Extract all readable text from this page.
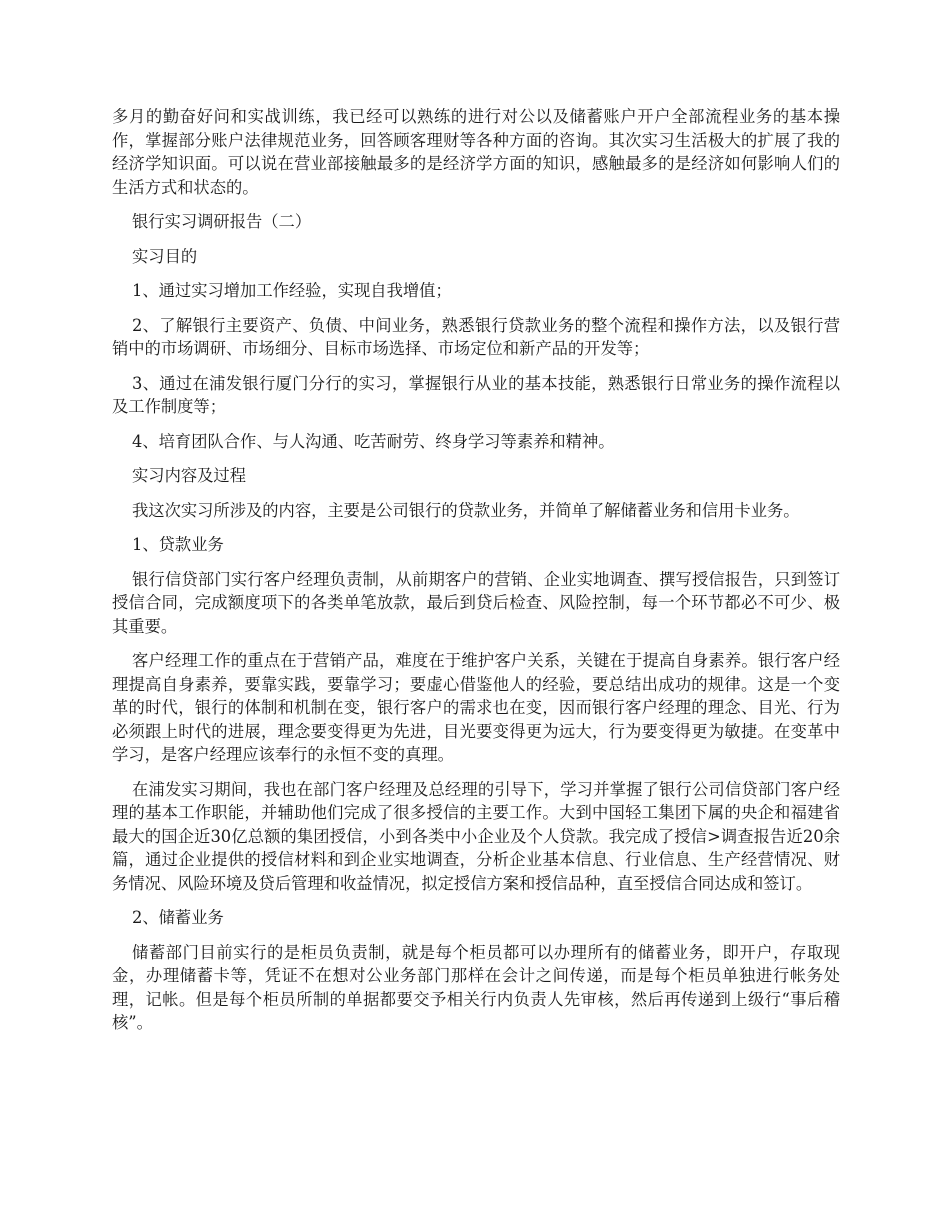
多月的勤奋好问和实战训练，我已经可以熟练的进行对公以及储蓄账户开户全部流程业务的基本操作，掌握部分账户法律规范业务，回答顾客理财等各种方面的咨询。其次实习生活极大的扩展了我的经济学知识面。可以说在营业部接触最多的是经济学方面的知识，感触最多的是经济如何影响人们的生活方式和状态的。

银行实习调研报告（二）

实习目的

1、通过实习增加工作经验，实现自我增值；

2、了解银行主要资产、负债、中间业务，熟悉银行贷款业务的整个流程和操作方法，以及银行营销中的市场调研、市场细分、目标市场选择、市场定位和新产品的开发等；

3、通过在浦发银行厦门分行的实习，掌握银行从业的基本技能，熟悉银行日常业务的操作流程以及工作制度等；

4、培育团队合作、与人沟通、吃苦耐劳、终身学习等素养和精神。

实习内容及过程

我这次实习所涉及的内容，主要是公司银行的贷款业务，并简单了解储蓄业务和信用卡业务。

1、贷款业务

银行信贷部门实行客户经理负责制，从前期客户的营销、企业实地调查、撰写授信报告，只到签订授信合同，完成额度项下的各类单笔放款，最后到贷后检查、风险控制，每一个环节都必不可少、极其重要。

客户经理工作的重点在于营销产品，难度在于维护客户关系，关键在于提高自身素养。银行客户经理提高自身素养，要靠实践，要靠学习；要虚心借鉴他人的经验，要总结出成功的规律。这是一个变革的时代，银行的体制和机制在变，银行客户的需求也在变，因而银行客户经理的理念、目光、行为必须跟上时代的进展，理念要变得更为先进，目光要变得更为远大，行为要变得更为敏捷。在变革中学习，是客户经理应该奉行的永恒不变的真理。

在浦发实习期间，我也在部门客户经理及总经理的引导下，学习并掌握了银行公司信贷部门客户经理的基本工作职能，并辅助他们完成了很多授信的主要工作。大到中国轻工集团下属的央企和福建省最大的国企近30亿总额的集团授信，小到各类中小企业及个人贷款。我完成了授信>调查报告近20余篇，通过企业提供的授信材料和到企业实地调查，分析企业基本信息、行业信息、生产经营情况、财务情况、风险环境及贷后管理和收益情况，拟定授信方案和授信品种，直至授信合同达成和签订。

2、储蓄业务

储蓄部门目前实行的是柜员负责制，就是每个柜员都可以办理所有的储蓄业务，即开户，存取现金，办理储蓄卡等，凭证不在想对公业务部门那样在会计之间传递，而是每个柜员单独进行帐务处理，记帐。但是每个柜员所制的单据都要交予相关行内负责人先审核，然后再传递到上级行“事后稽核”。
